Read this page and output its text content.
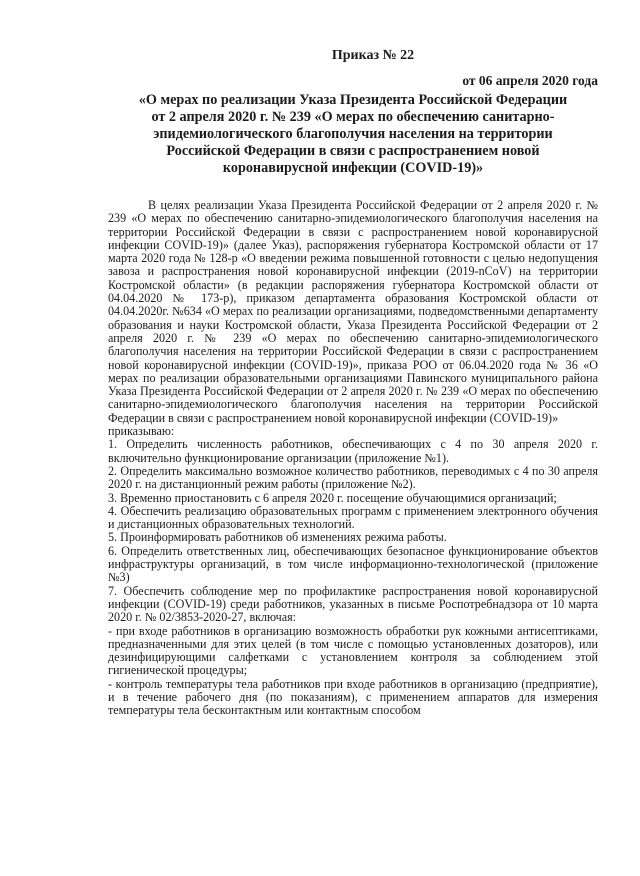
Приказ № 22
от 06 апреля 2020 года
«О мерах по реализации Указа Президента Российской Федерации
от 2 апреля 2020 г. № 239 «О мерах по обеспечению санитарно-
эпидемиологического благополучия населения на территории
Российской Федерации в связи с распространением новой
коронавирусной инфекции (COVID-19)»

В целях реализации Указа Президента Российской Федерации от 2 апреля 2020 г. № 239 «О мерах по обеспечению санитарно-эпидемиологического благополучия населения на территории Российской Федерации в связи с распространением новой коронавирусной инфекции COVID-19)» (далее Указ), распоряжения губернатора Костромской области от 17 марта 2020 года № 128-р «О введении режима повышенной готовности с целью недопущения завоза и распространения новой коронавирусной инфекции (2019-nCoV) на территории Костромской области» (в редакции распоряжения губернатора Костромской области от 04.04.2020 № 173-р), приказом департамента образования Костромской области от 04.04.2020г. №634 «О мерах по реализации организациями, подведомственными департаменту образования и науки Костромской области, Указа Президента Российской Федерации от 2 апреля 2020 г. № 239 «О мерах по обеспечению санитарно-эпидемиологического благополучия населения на территории Российской Федерации в связи с распространением новой коронавирусной инфекции (COVID-19)», приказа РОО от 06.04.2020 года № 36 «О мерах по реализации образовательными организациями Павинского муниципального района Указа Президента Российской Федерации от 2 апреля 2020 г. № 239 «О мерах по обеспечению санитарно-эпидемиологического благополучия населения на территории Российской Федерации в связи с распространением новой коронавирусной инфекции (COVID-19)»

приказываю:

1. Определить численность работников, обеспечивающих с 4 по 30 апреля 2020 г. включительно функционирование организации (приложение №1).

2. Определить максимально возможное количество работников, переводимых с 4 по 30 апреля 2020 г. на дистанционный режим работы (приложение №2).

3. Временно приостановить с 6 апреля 2020 г. посещение обучающимися организаций;

4. Обеспечить реализацию образовательных программ с применением электронного обучения и дистанционных образовательных технологий.

5. Проинформировать работников об изменениях режима работы.

6. Определить ответственных лиц, обеспечивающих безопасное функционирование объектов инфраструктуры организаций, в том числе информационно-технологической (приложение №3)

7. Обеспечить соблюдение мер по профилактике распространения новой коронавирусной инфекции (COVID-19) среди работников, указанных в письме Роспотребнадзора от 10 марта 2020 г. № 02/3853-2020-27, включая:

- при входе работников в организацию возможность обработки рук кожными антисептиками, предназначенными для этих целей (в том числе с помощью установленных дозаторов), или дезинфицирующими салфетками с установлением контроля за соблюдением этой гигиенической процедуры;

- контроль температуры тела работников при входе работников в организацию (предприятие), и в течение рабочего дня (по показаниям), с применением аппаратов для измерения температуры тела бесконтактным или контактным способом
